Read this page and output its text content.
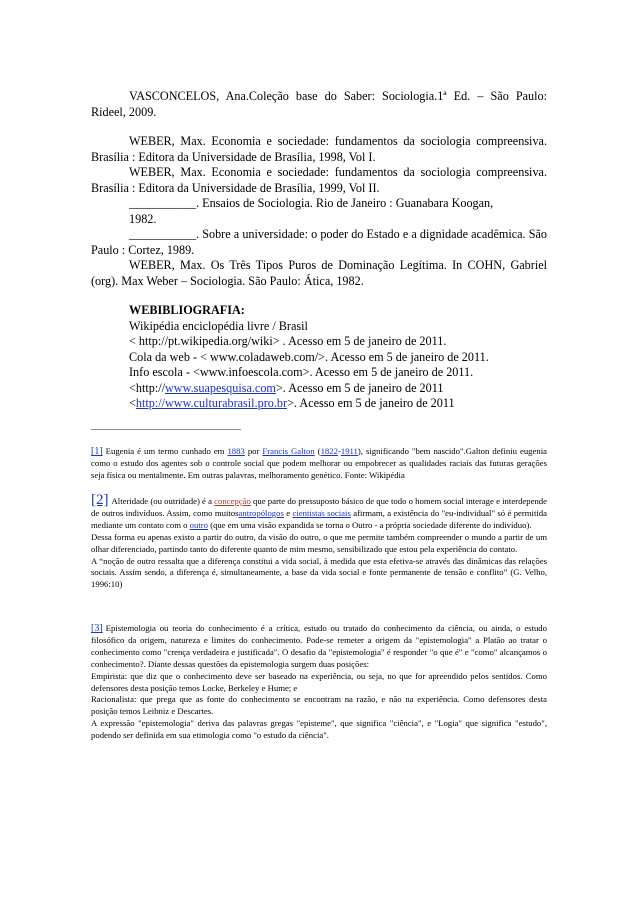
VASCONCELOS, Ana.Coleção base do Saber: Sociologia.1ª Ed. – São Paulo: Rideel, 2009.

WEBER, Max. Economia e sociedade: fundamentos da sociologia compreensiva. Brasília : Editora da Universidade de Brasília, 1998, Vol I.

WEBER, Max. Economia e sociedade: fundamentos da sociologia compreensiva. Brasília : Editora da Universidade de Brasília, 1999, Vol II.

___________. Ensaios de Sociologia. Rio de Janeiro : Guanabara Koogan,
1982.

___________. Sobre a universidade: o poder do Estado e a dignidade acadêmica. São Paulo : Cortez, 1989.

WEBER, Max. Os Três Tipos Puros de Dominação Legítima. In COHN, Gabriel (org). Max Weber – Sociologia. São Paulo: Ática, 1982.

WEBIBLIOGRAFIA:
Wikipédia enciclopédia livre / Brasil
< http://pt.wikipedia.org/wiki> . Acesso em 5 de janeiro de 2011.
Cola da web - < www.coladaweb.com/>. Acesso em 5 de janeiro de 2011.
Info escola - <www.infoescola.com>. Acesso em 5 de janeiro de 2011.
<http://www.suapesquisa.com>. Acesso em 5 de janeiro de 2011
<http://www.culturabrasil.pro.br>. Acesso em 5 de janeiro de 2011

[1] Eugenia é um termo cunhado em 1883 por Francis Galton (1822-1911), significando "bem nascido".Galton definiu eugenia como o estudo dos agentes sob o controle social que podem melhorar ou empobrecer as qualidades raciais das futuras gerações seja física ou mentalmente. Em outras palavras, melhoramento genético. Fonte: Wikipédia

[2] Alteridade (ou outridade) é a concepção que parte do pressuposto básico de que todo o homem social interage e interdepende de outros indivíduos. Assim, como muitosantropólogos e cientistas sociais afirmam, a existência do "eu-individual" só é permitida mediante um contato com o outro (que em uma visão expandida se torna o Outro - a própria sociedade diferente do indivíduo).

Dessa forma eu apenas existo a partir do outro, da visão do outro, o que me permite também compreender o mundo a partir de um olhar diferenciado, partindo tanto do diferente quanto de mim mesmo, sensibilizado que estou pela experiência do contato.

A “noção de outro ressalta que a diferença constitui a vida social, à medida que esta efetiva-se através das dinâmicas das relações sociais. Assim sendo, a diferença é, simultaneamente, a base da vida social e fonte permanente de tensão e conflito” (G. Velho, 1996:10)

[3] Epistemologia ou teoria do conhecimento é a crítica, estudo ou tratado do conhecimento da ciência, ou ainda, o estudo filosófico da origem, natureza e limites do conhecimento. Pode-se remeter a origem da "epistemologia" a Platão ao tratar o conhecimento como "crença verdadeira e justificada". O desafio da "epistemologia" é responder "o que é" e "como" alcançamos o conhecimento?. Diante dessas questões da epistemologia surgem duas posições:

Empirista: que diz que o conhecimento deve ser baseado na experiência, ou seja, no que for apreendido pelos sentidos. Como defensores desta posição temos Locke, Berkeley e Hume; e

Racionalista: que prega que as fonte do conhecimento se encontram na razão, e não na experiência. Como defensores desta posição temos Leibniz e Descartes.

A expressão "epistemologia" deriva das palavras gregas "episteme", que significa "ciência", e "Logia" que significa "estudo", podendo ser definida em sua etimologia como "o estudo da ciência".
